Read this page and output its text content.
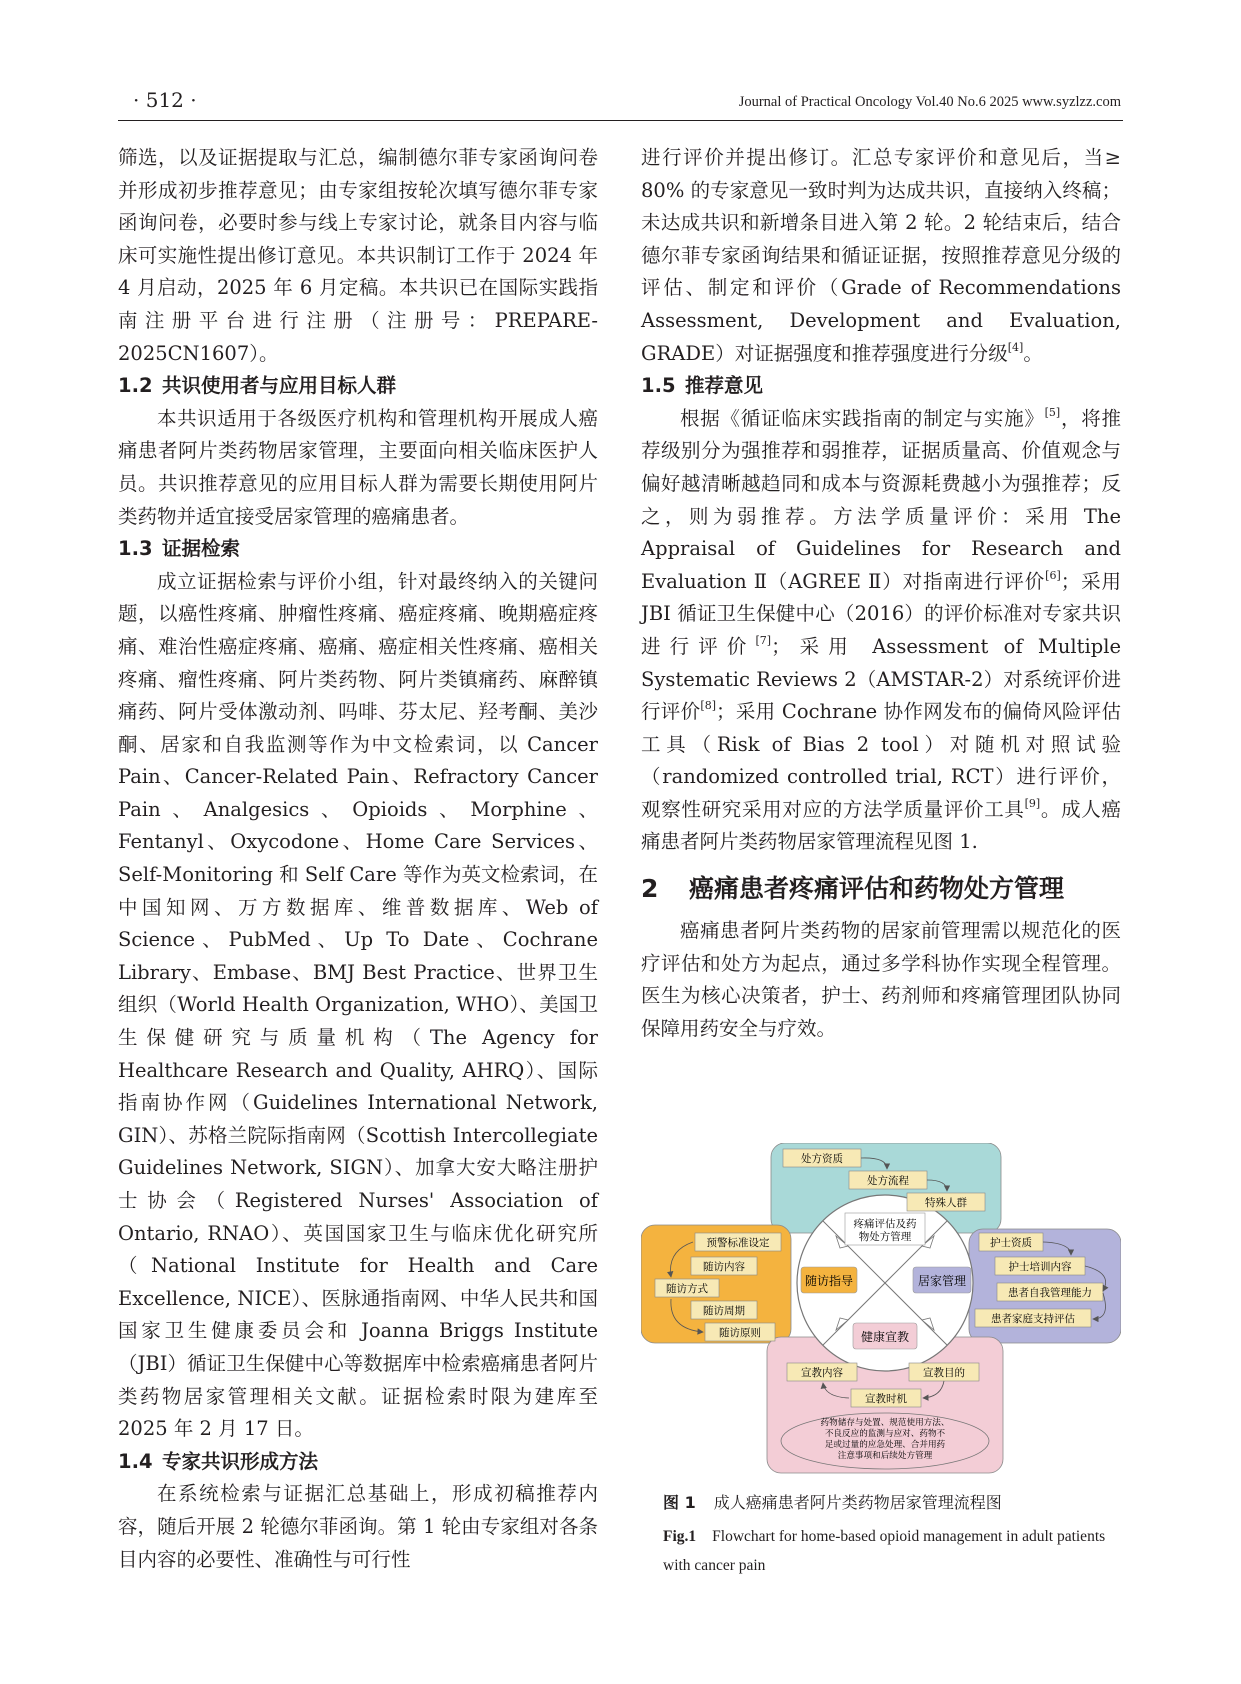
· 512 ·	Journal of Practical Oncology Vol.40 No.6 2025 www.syzlzz.com

筛选，以及证据提取与汇总，编制德尔菲专家函询问卷并形成初步推荐意见；由专家组按轮次填写德尔菲专家函询问卷，必要时参与线上专家讨论，就条目内容与临床可实施性提出修订意见。本共识制订工作于 2024 年 4 月启动，2025 年 6 月定稿。本共识已在国际实践指南注册平台进行注册（注册号：PREPARE-2025CN1607）。

1.2 共识使用者与应用目标人群

本共识适用于各级医疗机构和管理机构开展成人癌痛患者阿片类药物居家管理，主要面向相关临床医护人员。共识推荐意见的应用目标人群为需要长期使用阿片类药物并适宜接受居家管理的癌痛患者。

1.3 证据检索

成立证据检索与评价小组，针对最终纳入的关键问题，以癌性疼痛、肿瘤性疼痛、癌症疼痛、晚期癌症疼痛、难治性癌症疼痛、癌痛、癌症相关性疼痛、癌相关疼痛、瘤性疼痛、阿片类药物、阿片类镇痛药、麻醉镇痛药、阿片受体激动剂、吗啡、芬太尼、羟考酮、美沙酮、居家和自我监测等作为中文检索词，以 Cancer Pain、Cancer-Related Pain、Refractory Cancer Pain、Analgesics、Opioids、Morphine、Fentanyl、Oxycodone、Home Care Services、Self-Monitoring 和 Self Care 等作为英文检索词，在中国知网、万方数据库、维普数据库、Web of Science、PubMed、Up To Date、Cochrane Library、Embase、BMJ Best Practice、世界卫生组织（World Health Organization, WHO）、美国卫生保健研究与质量机构（The Agency for Healthcare Research and Quality, AHRQ）、国际指南协作网（Guidelines International Network, GIN）、苏格兰院际指南网（Scottish Intercollegiate Guidelines Network, SIGN）、加拿大安大略注册护士协会（Registered Nurses' Association of Ontario, RNAO）、英国国家卫生与临床优化研究所（National Institute for Health and Care Excellence, NICE）、医脉通指南网、中华人民共和国国家卫生健康委员会和 Joanna Briggs Institute（JBI）循证卫生保健中心等数据库中检索癌痛患者阿片类药物居家管理相关文献。证据检索时限为建库至 2025 年 2 月 17 日。

1.4 专家共识形成方法

在系统检索与证据汇总基础上，形成初稿推荐内容，随后开展 2 轮德尔菲函询。第 1 轮由专家组对各条目内容的必要性、准确性与可行性

进行评价并提出修订。汇总专家评价和意见后，当≥ 80% 的专家意见一致时判为达成共识，直接纳入终稿；未达成共识和新增条目进入第 2 轮。2 轮结束后，结合德尔菲专家函询结果和循证证据，按照推荐意见分级的评估、制定和评价（Grade of Recommendations Assessment, Development and Evaluation, GRADE）对证据强度和推荐强度进行分级[4]。

1.5 推荐意见

根据《循证临床实践指南的制定与实施》[5]，将推荐级别分为强推荐和弱推荐，证据质量高、价值观念与偏好越清晰越趋同和成本与资源耗费越小为强推荐；反之，则为弱推荐。方法学质量评价：采用 The Appraisal of Guidelines for Research and Evaluation Ⅱ（AGREE Ⅱ）对指南进行评价[6]；采用 JBI 循证卫生保健中心（2016）的评价标准对专家共识进行评价[7]；采用 Assessment of Multiple Systematic Reviews 2（AMSTAR-2）对系统评价进行评价[8]；采用 Cochrane 协作网发布的偏倚风险评估工具（Risk of Bias 2 tool）对随机对照试验（randomized controlled trial, RCT）进行评价，观察性研究采用对应的方法学质量评价工具[9]。成人癌痛患者阿片类药物居家管理流程见图 1.

2 癌痛患者疼痛评估和药物处方管理

癌痛患者阿片类药物的居家前管理需以规范化的医疗评估和处方为起点，通过多学科协作实现全程管理。医生为核心决策者，护士、药剂师和疼痛管理团队协同保障用药安全与疗效。

疼痛评估及药物处方管理
随访指导	居家管理
健康宣教
处方资质
处方流程
特殊人群
预警标准设定
随访内容
随访方式
随访周期
随访原则
护士资质
护士培训内容
患者自我管理能力
患者家庭支持评估
宣教内容	宣教目的
宣教时机
药物储存与处置、规范使用方法、
不良反应的监测与应对、药物不
足或过量的应急处理、合并用药
注意事项和后续处方管理
图 1 成人癌痛患者阿片类药物居家管理流程图
Fig.1 Flowchart for home-based opioid management in adult patients with cancer pain
